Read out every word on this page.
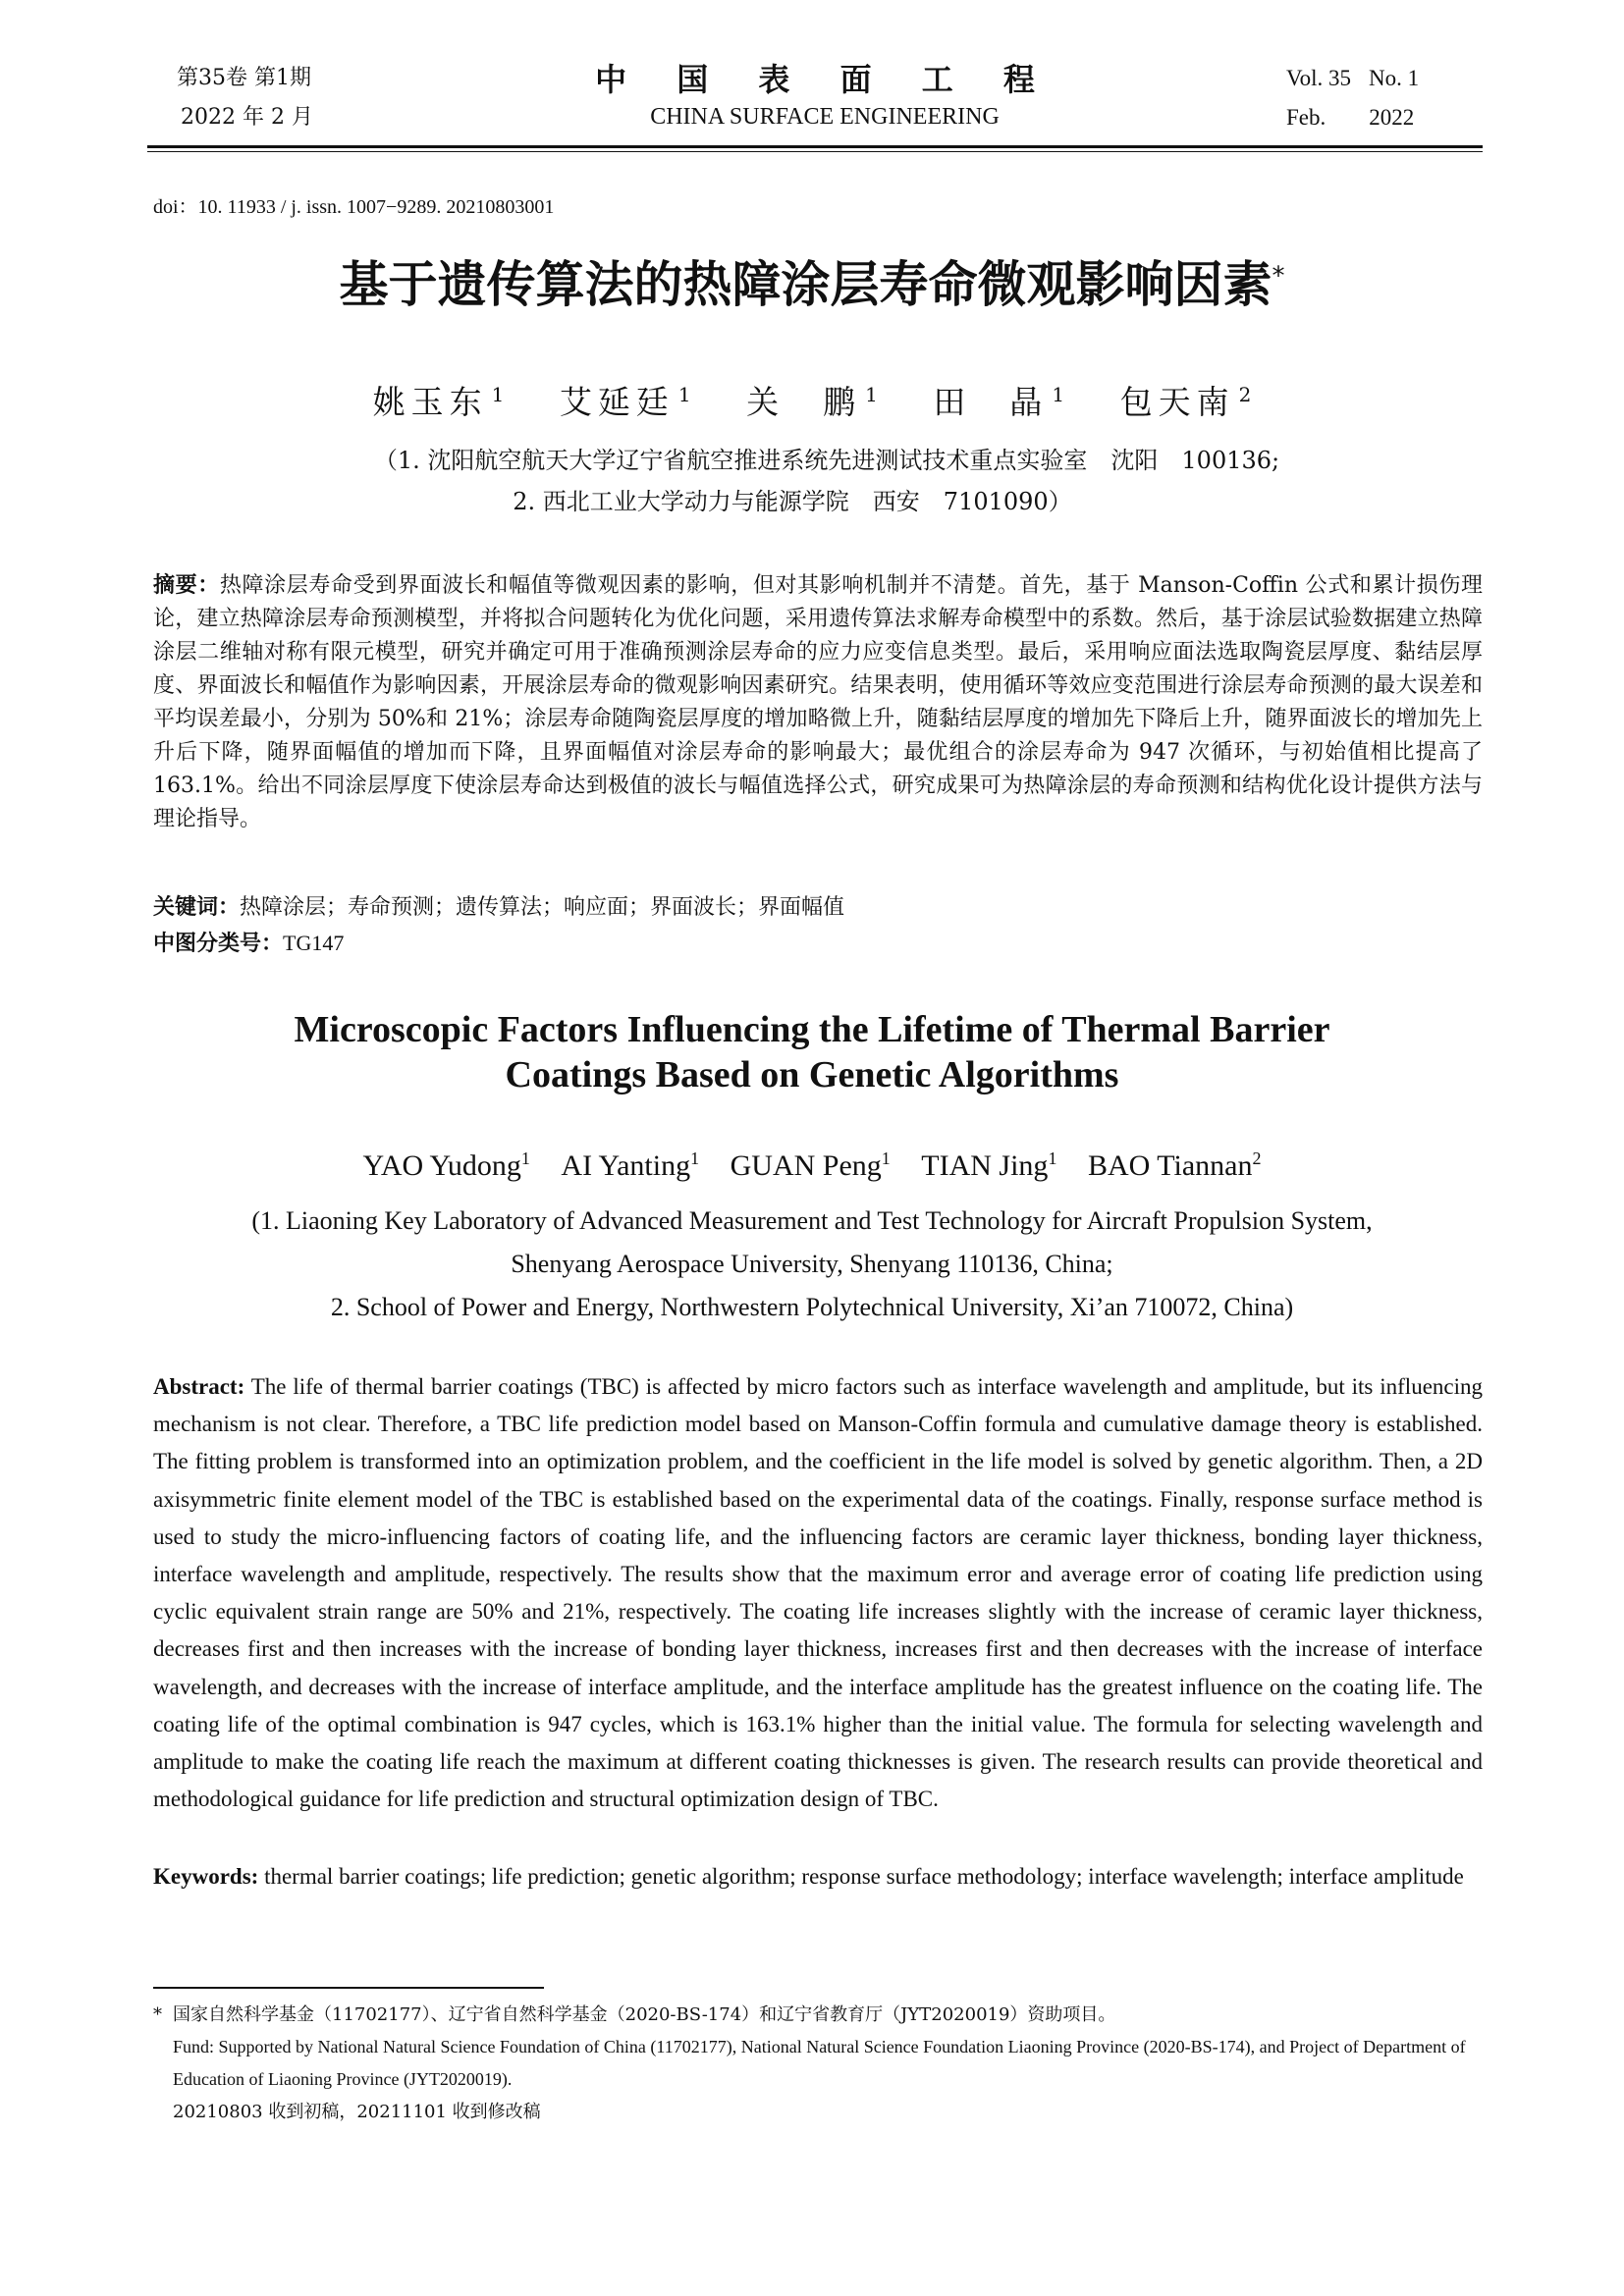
第35卷 第1期
2022 年 2 月
中 国 表 面 工 程
CHINA SURFACE ENGINEERING
Vol. 35 No. 1
Feb. 2022
doi：10. 11933 / j. issn. 1007−9289. 20210803001
基于遗传算法的热障涂层寿命微观影响因素*
姚玉东 $^1$ 艾延廷 $^1$ 关　鹏 $^1$ 田　晶 $^1$ 包天南 $^2$
（1. 沈阳航空航天大学辽宁省航空推进系统先进测试技术重点实验室　沈阳　100136;
2. 西北工业大学动力与能源学院　西安　7101090）
摘要：热障涂层寿命受到界面波长和幅值等微观因素的影响，但对其影响机制并不清楚。首先，基于 Manson-Coffin 公式和累计损伤理论，建立热障涂层寿命预测模型，并将拟合问题转化为优化问题，采用遗传算法求解寿命模型中的系数。然后，基于涂层试验数据建立热障涂层二维轴对称有限元模型，研究并确定可用于准确预测涂层寿命的应力应变信息类型。最后，采用响应面法选取陶瓷层厚度、黏结层厚度、界面波长和幅值作为影响因素，开展涂层寿命的微观影响因素研究。结果表明，使用循环等效应变范围进行涂层寿命预测的最大误差和平均误差最小，分别为 50%和 21%；涂层寿命随陶瓷层厚度的增加略微上升，随黏结层厚度的增加先下降后上升，随界面波长的增加先上升后下降，随界面幅值的增加而下降，且界面幅值对涂层寿命的影响最大；最优组合的涂层寿命为 947 次循环，与初始值相比提高了 163.1%。给出不同涂层厚度下使涂层寿命达到极值的波长与幅值选择公式，研究成果可为热障涂层的寿命预测和结构优化设计提供方法与理论指导。
关键词：热障涂层；寿命预测；遗传算法；响应面；界面波长；界面幅值
中图分类号：TG147
Microscopic Factors Influencing the Lifetime of Thermal Barrier
Coatings Based on Genetic Algorithms
YAO Yudong$^1$ AI Yanting$^1$ GUAN Peng$^1$ TIAN Jing$^1$ BAO Tiannan$^2$
(1. Liaoning Key Laboratory of Advanced Measurement and Test Technology for Aircraft Propulsion System,
Shenyang Aerospace University, Shenyang 110136, China;
2. School of Power and Energy, Northwestern Polytechnical University, Xi’an 710072, China)
Abstract: The life of thermal barrier coatings (TBC) is affected by micro factors such as interface wavelength and amplitude, but its influencing mechanism is not clear. Therefore, a TBC life prediction model based on Manson-Coffin formula and cumulative damage theory is established. The fitting problem is transformed into an optimization problem, and the coefficient in the life model is solved by genetic algorithm. Then, a 2D axisymmetric finite element model of the TBC is established based on the experimental data of the coatings. Finally, response surface method is used to study the micro-influencing factors of coating life, and the influencing factors are ceramic layer thickness, bonding layer thickness, interface wavelength and amplitude, respectively. The results show that the maximum error and average error of coating life prediction using cyclic equivalent strain range are 50% and 21%, respectively. The coating life increases slightly with the increase of ceramic layer thickness, decreases first and then increases with the increase of bonding layer thickness, increases first and then decreases with the increase of interface wavelength, and decreases with the increase of interface amplitude, and the interface amplitude has the greatest influence on the coating life. The coating life of the optimal combination is 947 cycles, which is 163.1% higher than the initial value. The formula for selecting wavelength and amplitude to make the coating life reach the maximum at different coating thicknesses is given. The research results can provide theoretical and methodological guidance for life prediction and structural optimization design of TBC.
Keywords: thermal barrier coatings; life prediction; genetic algorithm; response surface methodology; interface wavelength; interface amplitude
* 国家自然科学基金（11702177）、辽宁省自然科学基金（2020-BS-174）和辽宁省教育厅（JYT2020019）资助项目。
Fund: Supported by National Natural Science Foundation of China (11702177), National Natural Science Foundation Liaoning Province (2020-BS-174), and Project of Department of Education of Liaoning Province (JYT2020019).
20210803 收到初稿，20211101 收到修改稿
